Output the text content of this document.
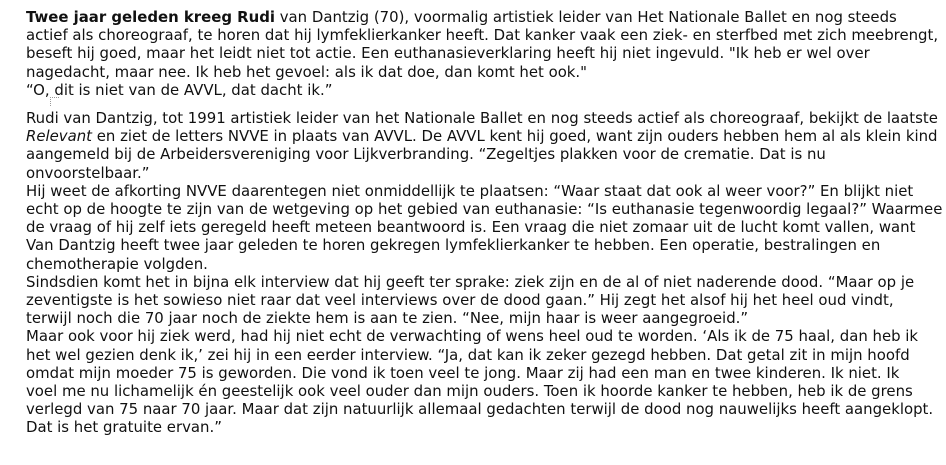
Twee jaar geleden kreeg Rudi van Dantzig (70), voormalig artistiek leider van Het Nationale Ballet en nog steeds
actief als choreograaf, te horen dat hij lymfeklierkanker heeft. Dat kanker vaak een ziek- en sterfbed met zich meebrengt,
beseft hij goed, maar het leidt niet tot actie. Een euthanasieverklaring heeft hij niet ingevuld. "Ik heb er wel over
nagedacht, maar nee. Ik heb het gevoel: als ik dat doe, dan komt het ook."
“O, dit is niet van de AVVL, dat dacht ik.”
Rudi van Dantzig, tot 1991 artistiek leider van het Nationale Ballet en nog steeds actief als choreograaf, bekijkt de laatste
Relevant en ziet de letters NVVE in plaats van AVVL. De AVVL kent hij goed, want zijn ouders hebben hem al als klein kind
aangemeld bij de Arbeidersvereniging voor Lijkverbranding. “Zegeltjes plakken voor de crematie. Dat is nu
onvoorstelbaar.”
Hij weet de afkorting NVVE daarentegen niet onmiddellijk te plaatsen: “Waar staat dat ook al weer voor?” En blijkt niet
echt op de hoogte te zijn van de wetgeving op het gebied van euthanasie: “Is euthanasie tegenwoordig legaal?” Waarmee
de vraag of hij zelf iets geregeld heeft meteen beantwoord is. Een vraag die niet zomaar uit de lucht komt vallen, want
Van Dantzig heeft twee jaar geleden te horen gekregen lymfeklierkanker te hebben. Een operatie, bestralingen en
chemotherapie volgden.
Sindsdien komt het in bijna elk interview dat hij geeft ter sprake: ziek zijn en de al of niet naderende dood. “Maar op je
zeventigste is het sowieso niet raar dat veel interviews over de dood gaan.” Hij zegt het alsof hij het heel oud vindt,
terwijl noch die 70 jaar noch de ziekte hem is aan te zien. “Nee, mijn haar is weer aangegroeid.”
Maar ook voor hij ziek werd, had hij niet echt de verwachting of wens heel oud te worden. ‘Als ik de 75 haal, dan heb ik
het wel gezien denk ik,’ zei hij in een eerder interview. “Ja, dat kan ik zeker gezegd hebben. Dat getal zit in mijn hoofd
omdat mijn moeder 75 is geworden. Die vond ik toen veel te jong. Maar zij had een man en twee kinderen. Ik niet. Ik
voel me nu lichamelijk én geestelijk ook veel ouder dan mijn ouders. Toen ik hoorde kanker te hebben, heb ik de grens
verlegd van 75 naar 70 jaar. Maar dat zijn natuurlijk allemaal gedachten terwijl de dood nog nauwelijks heeft aangeklopt.
Dat is het gratuite ervan.”
